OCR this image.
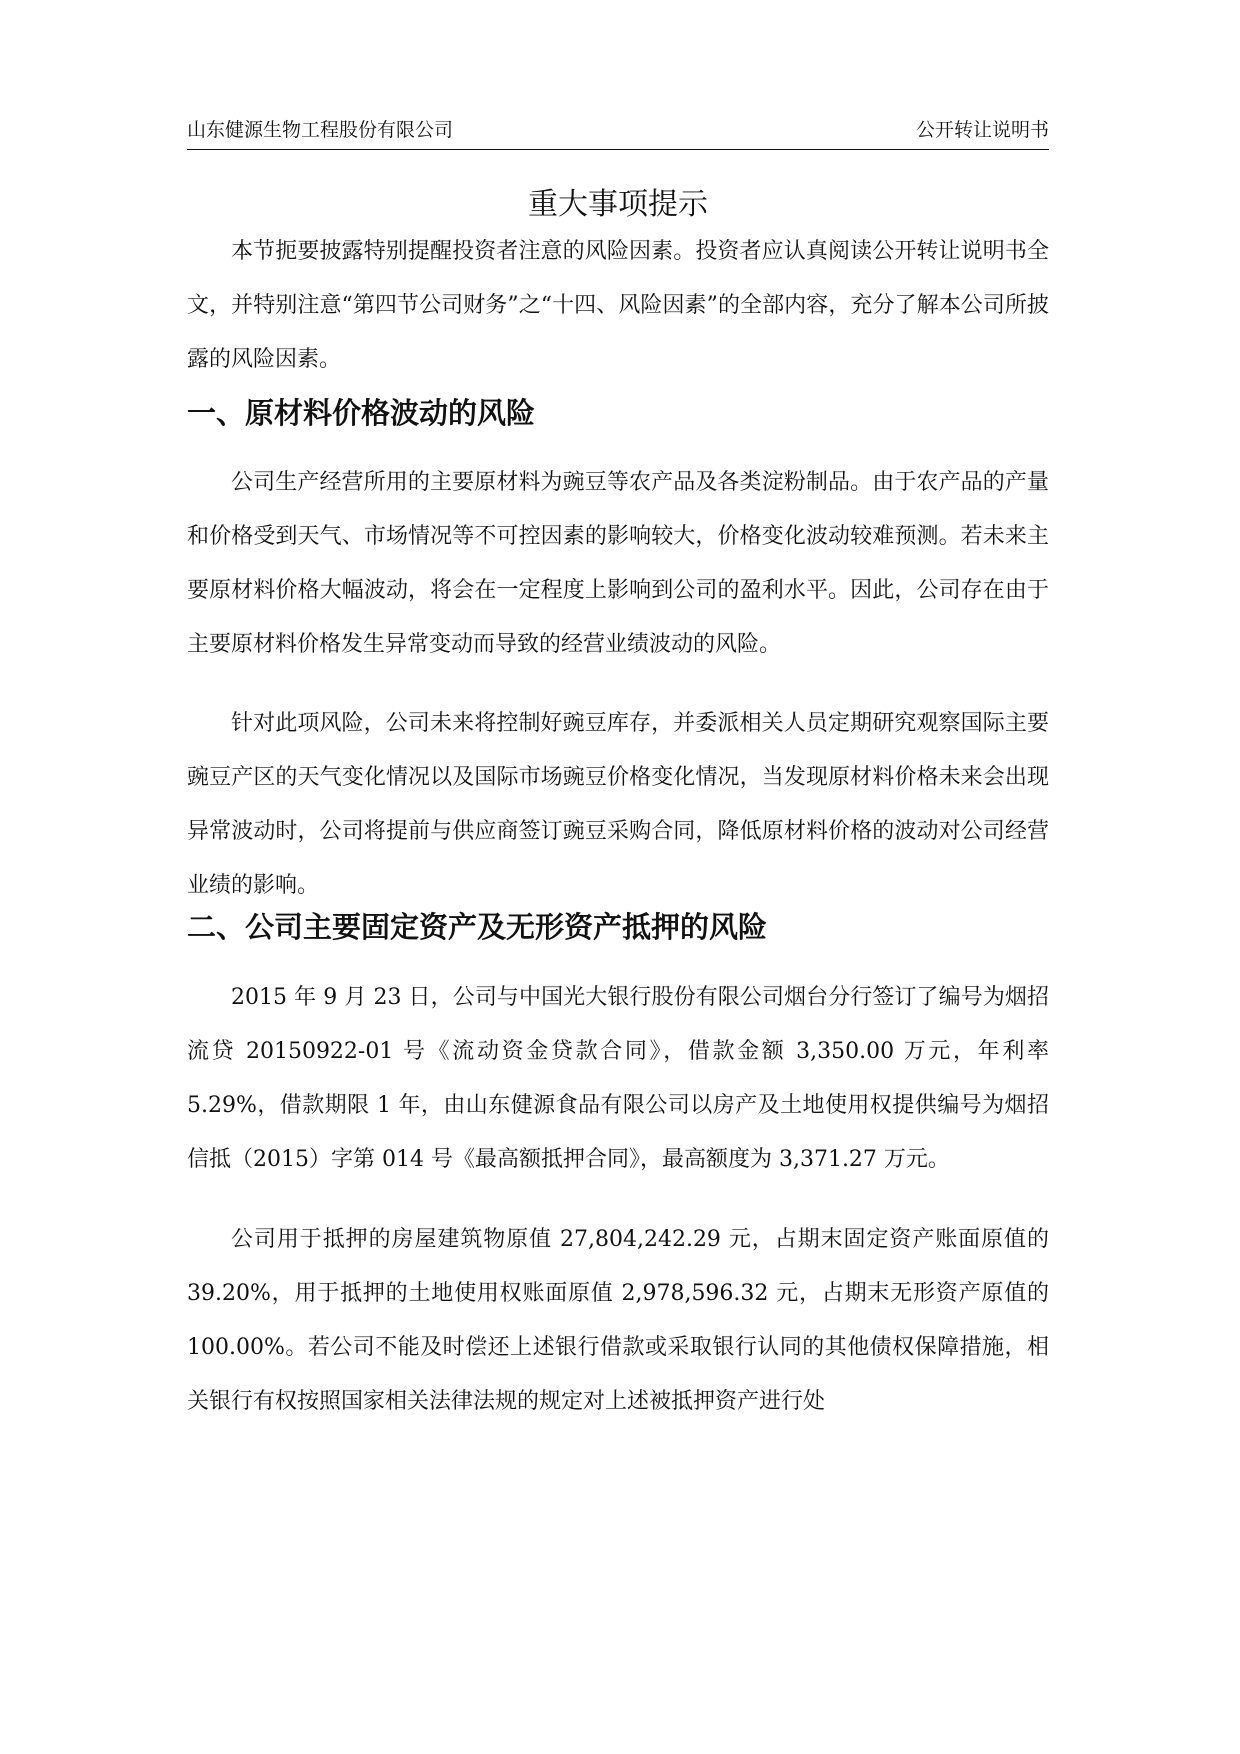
山东健源生物工程股份有限公司	公开转让说明书
重大事项提示

本节扼要披露特别提醒投资者注意的风险因素。投资者应认真阅读公开转让说明书全文，并特别注意“第四节公司财务”之“十四、风险因素”的全部内容，充分了解本公司所披露的风险因素。

一、原材料价格波动的风险

公司生产经营所用的主要原材料为豌豆等农产品及各类淀粉制品。由于农产品的产量和价格受到天气、市场情况等不可控因素的影响较大，价格变化波动较难预测。若未来主要原材料价格大幅波动，将会在一定程度上影响到公司的盈利水平。因此，公司存在由于主要原材料价格发生异常变动而导致的经营业绩波动的风险。

针对此项风险，公司未来将控制好豌豆库存，并委派相关人员定期研究观察国际主要豌豆产区的天气变化情况以及国际市场豌豆价格变化情况，当发现原材料价格未来会出现异常波动时，公司将提前与供应商签订豌豆采购合同，降低原材料价格的波动对公司经营业绩的影响。

二、公司主要固定资产及无形资产抵押的风险

2015 年 9 月 23 日，公司与中国光大银行股份有限公司烟台分行签订了编号为烟招流贷 20150922-01 号《流动资金贷款合同》，借款金额 3,350.00 万元，年利率 5.29%，借款期限 1 年，由山东健源食品有限公司以房产及土地使用权提供编号为烟招信抵（2015）字第 014 号《最高额抵押合同》，最高额度为 3,371.27 万元。

公司用于抵押的房屋建筑物原值 27,804,242.29 元，占期末固定资产账面原值的 39.20%，用于抵押的土地使用权账面原值 2,978,596.32 元，占期末无形资产原值的 100.00%。若公司不能及时偿还上述银行借款或采取银行认同的其他债权保障措施，相关银行有权按照国家相关法律法规的规定对上述被抵押资产进行处
